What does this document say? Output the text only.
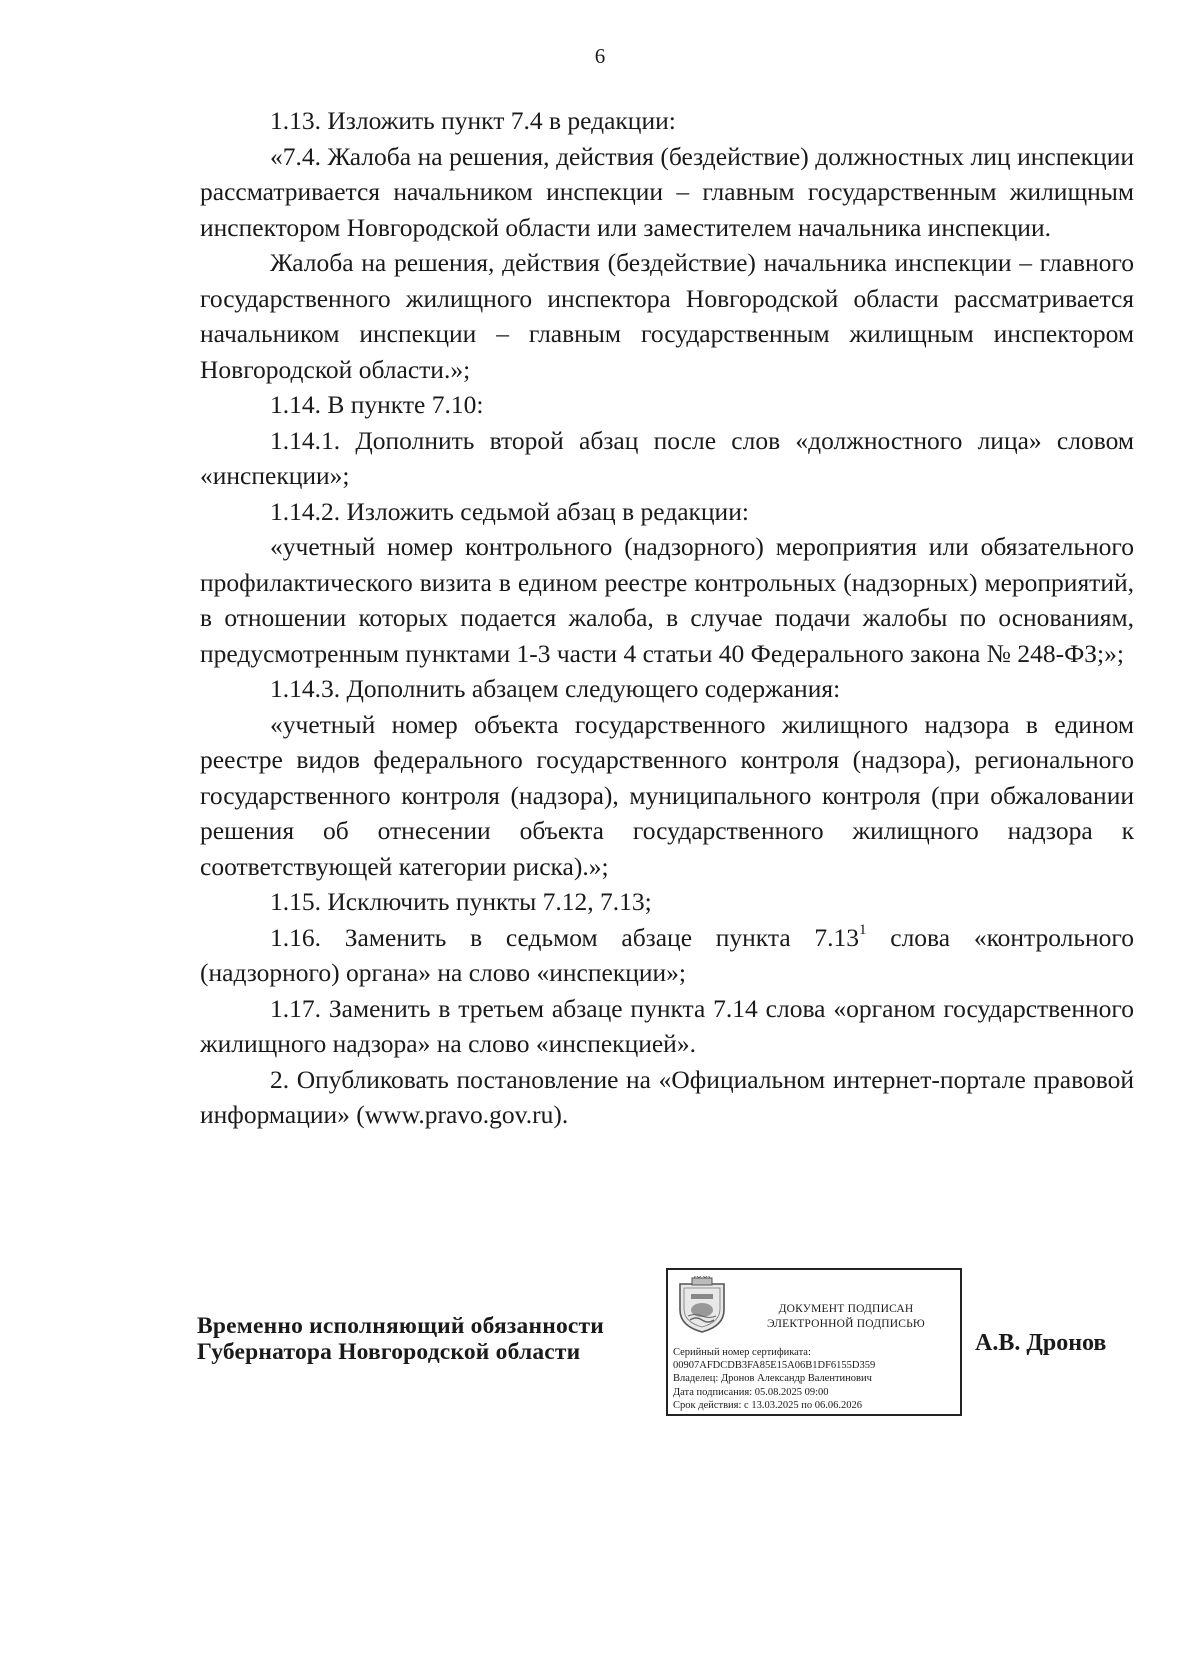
6

1.13. Изложить пункт 7.4 в редакции:

«7.4. Жалоба на решения, действия (бездействие) должностных лиц инспекции рассматривается начальником инспекции – главным государственным жилищным инспектором Новгородской области или заместителем начальника инспекции.

Жалоба на решения, действия (бездействие) начальника инспекции – главного государственного жилищного инспектора Новгородской области рассматривается начальником инспекции – главным государственным жилищным инспектором Новгородской области.»;

1.14. В пункте 7.10:

1.14.1. Дополнить второй абзац после слов «должностного лица» словом «инспекции»;

1.14.2. Изложить седьмой абзац в редакции:

«учетный номер контрольного (надзорного) мероприятия или обязательного профилактического визита в едином реестре контрольных (надзорных) мероприятий, в отношении которых подается жалоба, в случае подачи жалобы по основаниям, предусмотренным пунктами 1-3 части 4 статьи 40 Федерального закона № 248-ФЗ;»;

1.14.3. Дополнить абзацем следующего содержания:

«учетный номер объекта государственного жилищного надзора в едином реестре видов федерального государственного контроля (надзора), регионального государственного контроля (надзора), муниципального контроля (при обжаловании решения об отнесении объекта государственного жилищного надзора к соответствующей категории риска).»;

1.15. Исключить пункты 7.12, 7.13;

1.16. Заменить в седьмом абзаце пункта 7.13$^1$ слова «контрольного (надзорного) органа» на слово «инспекции»;

1.17. Заменить в третьем абзаце пункта 7.14 слова «органом государственного жилищного надзора» на слово «инспекцией».

2. Опубликовать постановление на «Официальном интернет-портале правовой информации» (www.pravo.gov.ru).

Временно исполняющий обязанности
Губернатора Новгородской области
ДОКУМЕНТ ПОДПИСАН
ЭЛЕКТРОННОЙ ПОДПИСЬЮ
Серийный номер сертификата:
00907AFDCDB3FA85E15A06B1DF6155D359
Владелец: Дронов Александр Валентинович
Дата подписания: 05.08.2025 09:00
Срок действия: с 13.03.2025 по 06.06.2026
А.В. Дронов
